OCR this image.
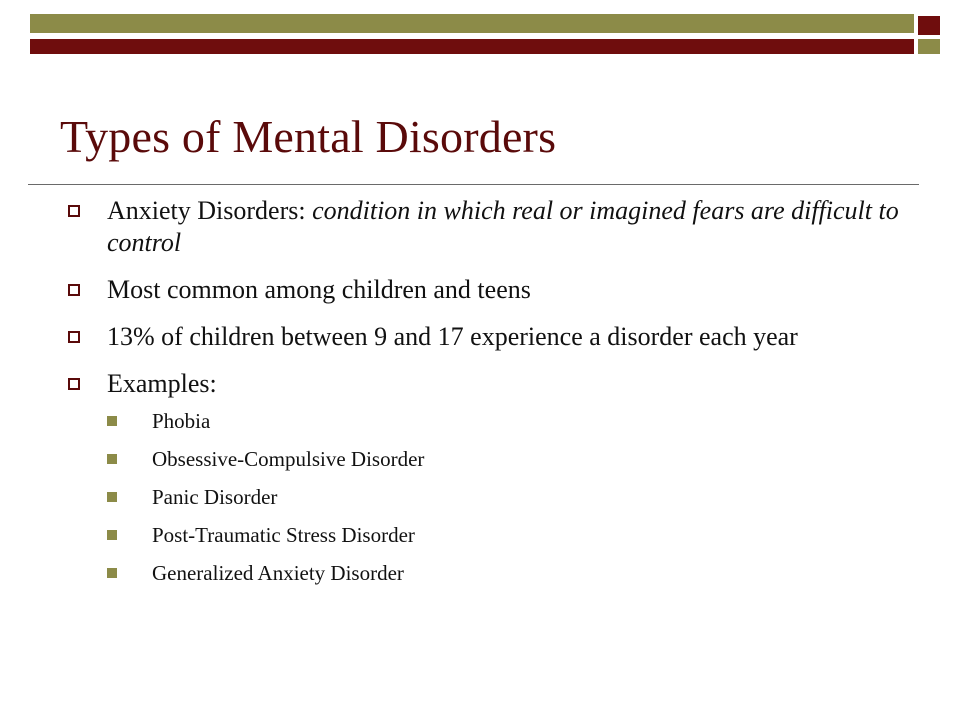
Types of Mental Disorders
Anxiety Disorders: condition in which real or imagined fears are difficult to control
Most common among children and teens
13% of children between 9 and 17 experience a disorder each year
Examples:
Phobia
Obsessive-Compulsive Disorder
Panic Disorder
Post-Traumatic Stress Disorder
Generalized Anxiety Disorder
